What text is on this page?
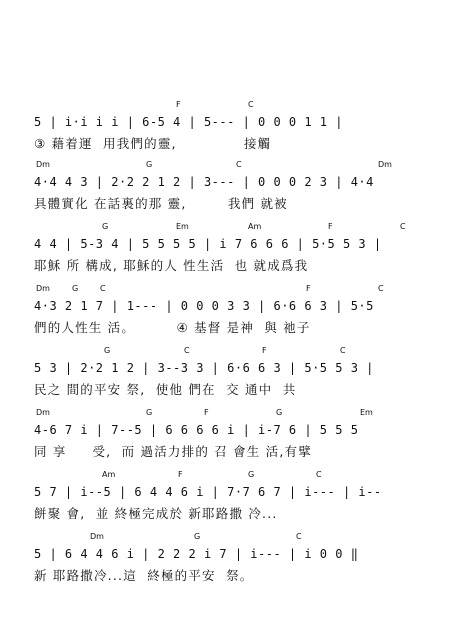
F	C
5 | i·i i i | 6-5 4 | 5--- | 0 0 0 1 1 |
③ 藉着運  用我們的靈,             接觸
Dm	G	C	Dm
4·4 4 3 | 2·2 2 1 2 | 3--- | 0 0 0 2 3 | 4·4
具體實化 在話裏的那 靈,        我們 就被
G	Em	Am	F	C
4 4 | 5-3 4 | 5 5 5 5 | i 7 6 6 6 | 5·5 5 3 |
耶穌 所 構成, 耶穌的人 性生活  也 就成爲我
Dm	G	C	F	C
4·3 2 1 7 | 1--- | 0 0 0 3 3 | 6·6 6 3 | 5·5
們的人性生 活。        ④ 基督 是神  與 祂子
G	C	F	C
5 3 | 2·2 1 2 | 3--3 3 | 6·6 6 3 | 5·5 5 3 |
民之 間的平安 祭,  使他 們在  交 通中  共
Dm	G	F	G	Em
4-6 7 i | 7--5 | 6 6 6 6 i | i-7 6 | 5 5 5
同 享     受,  而 過活力排的 召 會生 活,有擘
Am	F	G	C
5 7 | i--5 | 6 4 4 6 i | 7·7 6 7 | i--- | i--
餅聚 會,  並 終極完成於 新耶路撒 冷...
Dm	G	C
5 | 6 4 4 6 i | 2 2 2 i 7 | i--- | i 0 0 ‖
新 耶路撒冷...這  終極的平安  祭。
